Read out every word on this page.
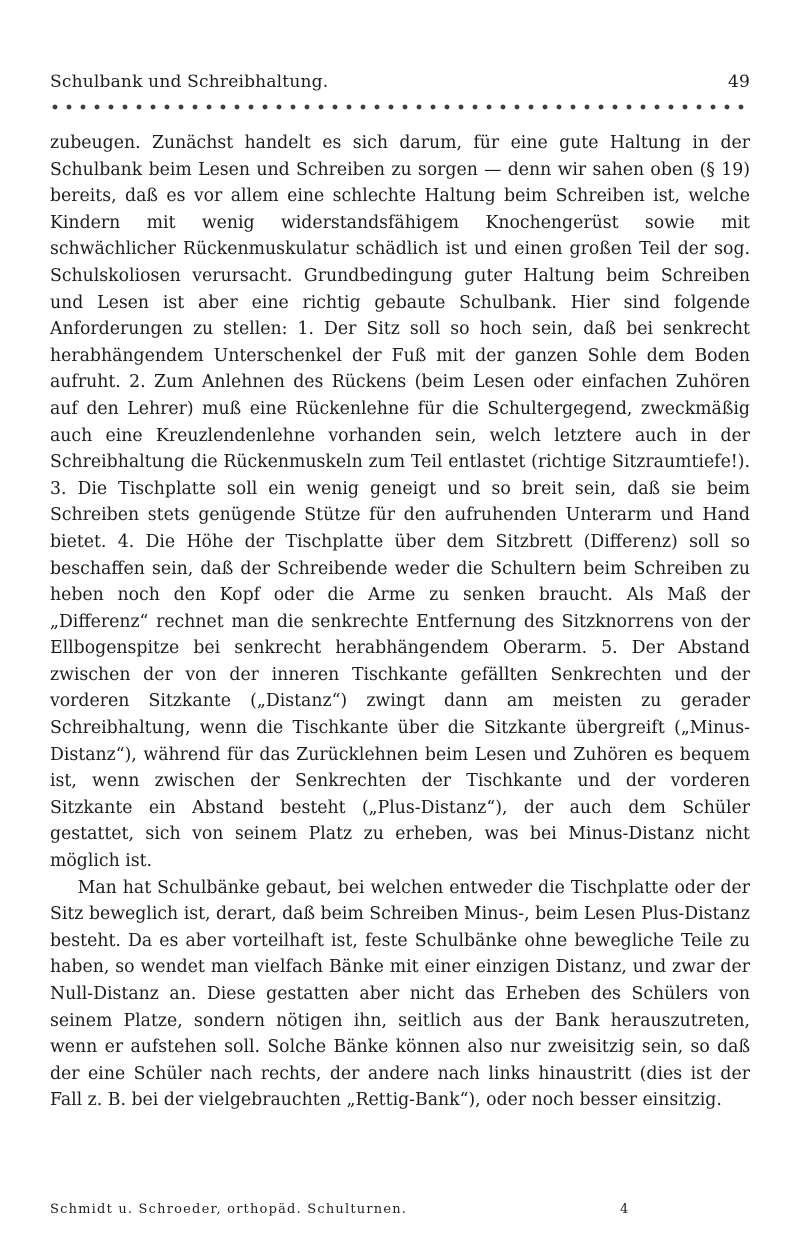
Schulbank und Schreibhaltung.	49

zubeugen. Zunächst handelt es sich darum, für eine gute Haltung in der Schulbank beim Lesen und Schreiben zu sorgen — denn wir sahen oben (§ 19) bereits, daß es vor allem eine schlechte Haltung beim Schreiben ist, welche Kindern mit wenig widerstandsfähigem Knochengerüst sowie mit schwächlicher Rückenmuskulatur schädlich ist und einen großen Teil der sog. Schulskoliosen verursacht. Grundbedingung guter Haltung beim Schreiben und Lesen ist aber eine richtig gebaute Schulbank. Hier sind folgende Anforderungen zu stellen: 1. Der Sitz soll so hoch sein, daß bei senkrecht herabhängendem Unterschenkel der Fuß mit der ganzen Sohle dem Boden aufruht. 2. Zum Anlehnen des Rückens (beim Lesen oder einfachen Zuhören auf den Lehrer) muß eine Rückenlehne für die Schultergegend, zweckmäßig auch eine Kreuzlendenlehne vorhanden sein, welch letztere auch in der Schreibhaltung die Rückenmuskeln zum Teil entlastet (richtige Sitzraumtiefe!). 3. Die Tischplatte soll ein wenig geneigt und so breit sein, daß sie beim Schreiben stets genügende Stütze für den aufruhenden Unterarm und Hand bietet. 4. Die Höhe der Tischplatte über dem Sitzbrett (Differenz) soll so beschaffen sein, daß der Schreibende weder die Schultern beim Schreiben zu heben noch den Kopf oder die Arme zu senken braucht. Als Maß der „Differenz“ rechnet man die senkrechte Entfernung des Sitzknorrens von der Ellbogenspitze bei senkrecht herabhängendem Oberarm. 5. Der Abstand zwischen der von der inneren Tischkante gefällten Senkrechten und der vorderen Sitzkante („Distanz“) zwingt dann am meisten zu gerader Schreibhaltung, wenn die Tischkante über die Sitzkante übergreift („Minus-Distanz“), während für das Zurücklehnen beim Lesen und Zuhören es bequem ist, wenn zwischen der Senkrechten der Tischkante und der vorderen Sitzkante ein Abstand besteht („Plus-Distanz“), der auch dem Schüler gestattet, sich von seinem Platz zu erheben, was bei Minus-Distanz nicht möglich ist.

Man hat Schulbänke gebaut, bei welchen entweder die Tischplatte oder der Sitz beweglich ist, derart, daß beim Schreiben Minus-, beim Lesen Plus-Distanz besteht. Da es aber vorteilhaft ist, feste Schulbänke ohne bewegliche Teile zu haben, so wendet man vielfach Bänke mit einer einzigen Distanz, und zwar der Null-Distanz an. Diese gestatten aber nicht das Erheben des Schülers von seinem Platze, sondern nötigen ihn, seitlich aus der Bank herauszutreten, wenn er aufstehen soll. Solche Bänke können also nur zweisitzig sein, so daß der eine Schüler nach rechts, der andere nach links hinaustritt (dies ist der Fall z. B. bei der vielgebrauchten „Rettig-Bank“), oder noch besser einsitzig.

Schmidt u. Schroeder, orthopäd. Schulturnen.	4
